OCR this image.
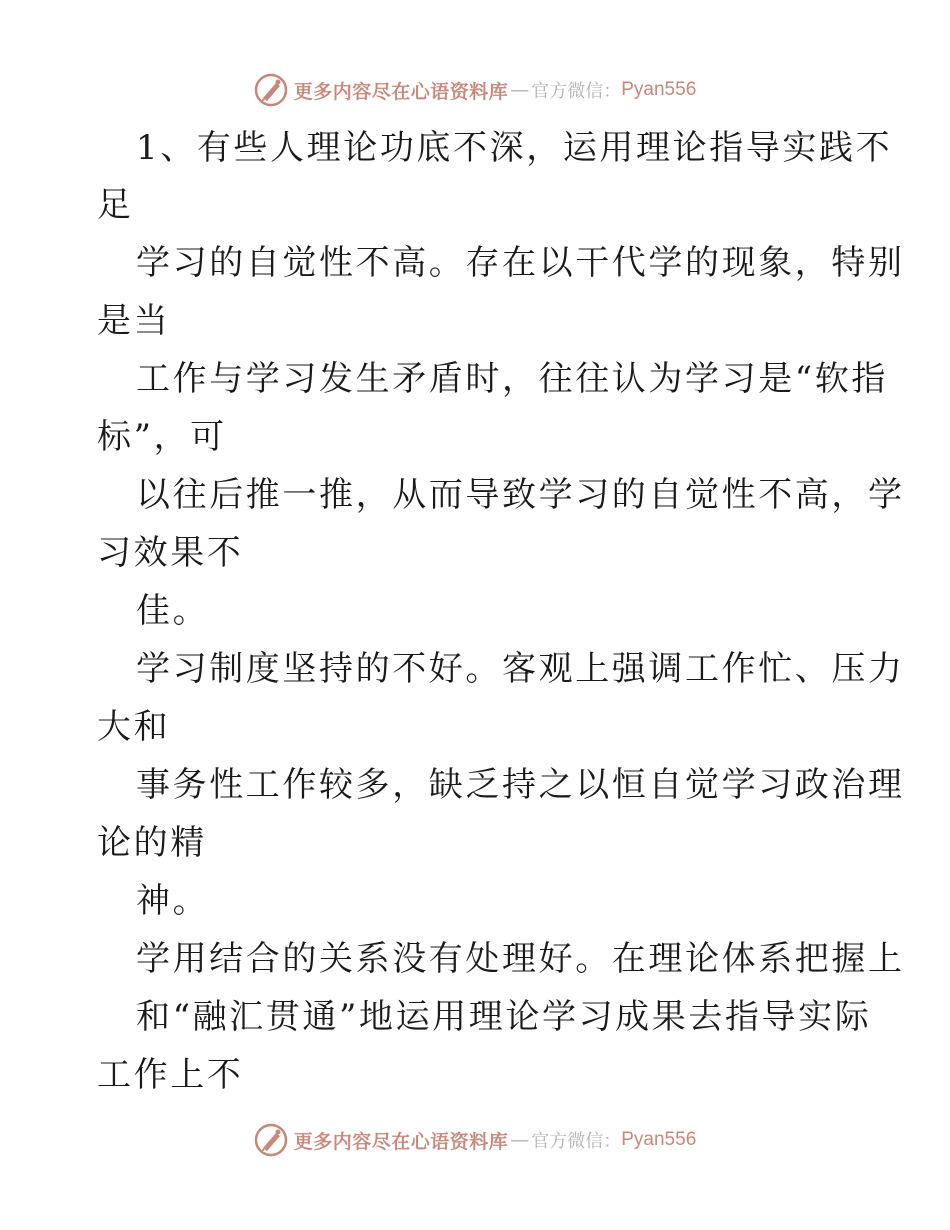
更多内容尽在心语资料库 — 官方微信： Pyan556
1、有些人理论功底不深，运用理论指导实践不
足
学习的自觉性不高。存在以干代学的现象，特别
是当
工作与学习发生矛盾时，往往认为学习是“软指
标”，可
以往后推一推，从而导致学习的自觉性不高，学
习效果不
佳。
学习制度坚持的不好。客观上强调工作忙、压力
大和
事务性工作较多，缺乏持之以恒自觉学习政治理
论的精
神。
学用结合的关系没有处理好。在理论体系把握上
和“融汇贯通”地运用理论学习成果去指导实际
工作上不
更多内容尽在心语资料库 — 官方微信： Pyan556
